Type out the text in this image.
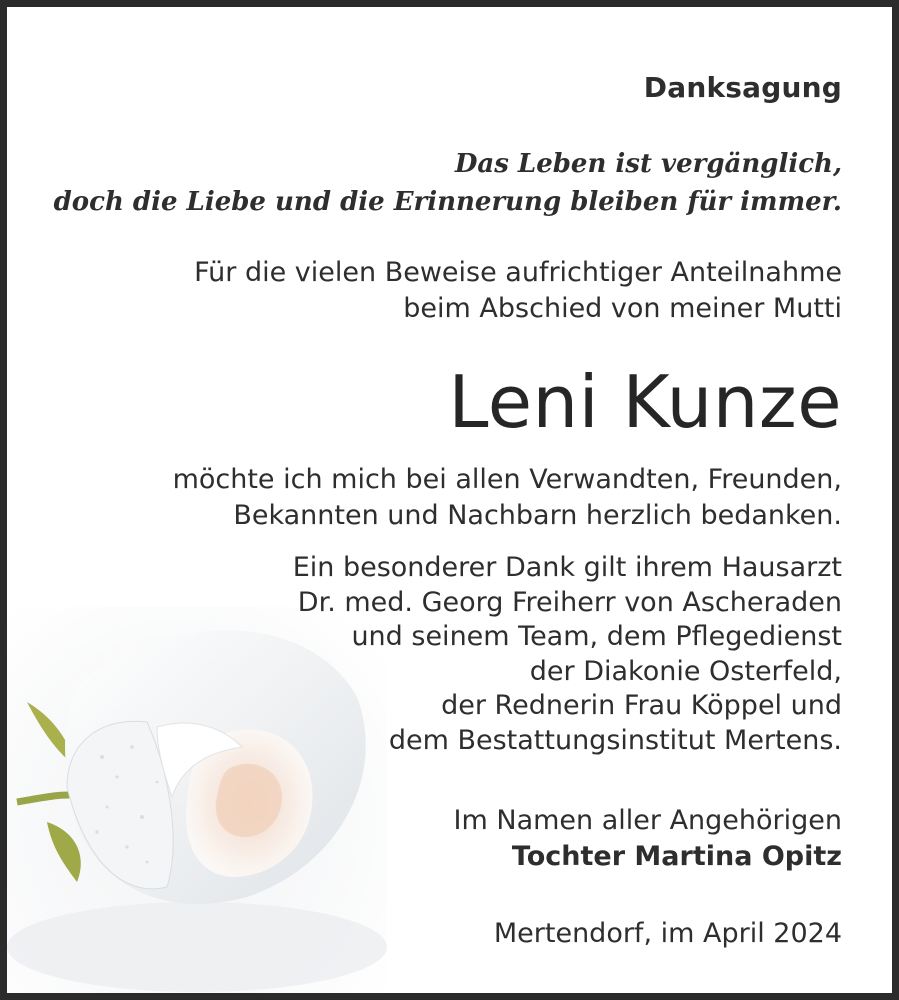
Danksagung
Das Leben ist vergänglich,
doch die Liebe und die Erinnerung bleiben für immer.
Für die vielen Beweise aufrichtiger Anteilnahme
beim Abschied von meiner Mutti
Leni Kunze
möchte ich mich bei allen Verwandten, Freunden,
Bekannten und Nachbarn herzlich bedanken.
Ein besonderer Dank gilt ihrem Hausarzt
Dr. med. Georg Freiherr von Ascheraden
und seinem Team, dem Pflegedienst
der Diakonie Osterfeld,
der Rednerin Frau Köppel und
dem Bestattungsinstitut Mertens.
Im Namen aller Angehörigen
Tochter Martina Opitz
Mertendorf, im April 2024
